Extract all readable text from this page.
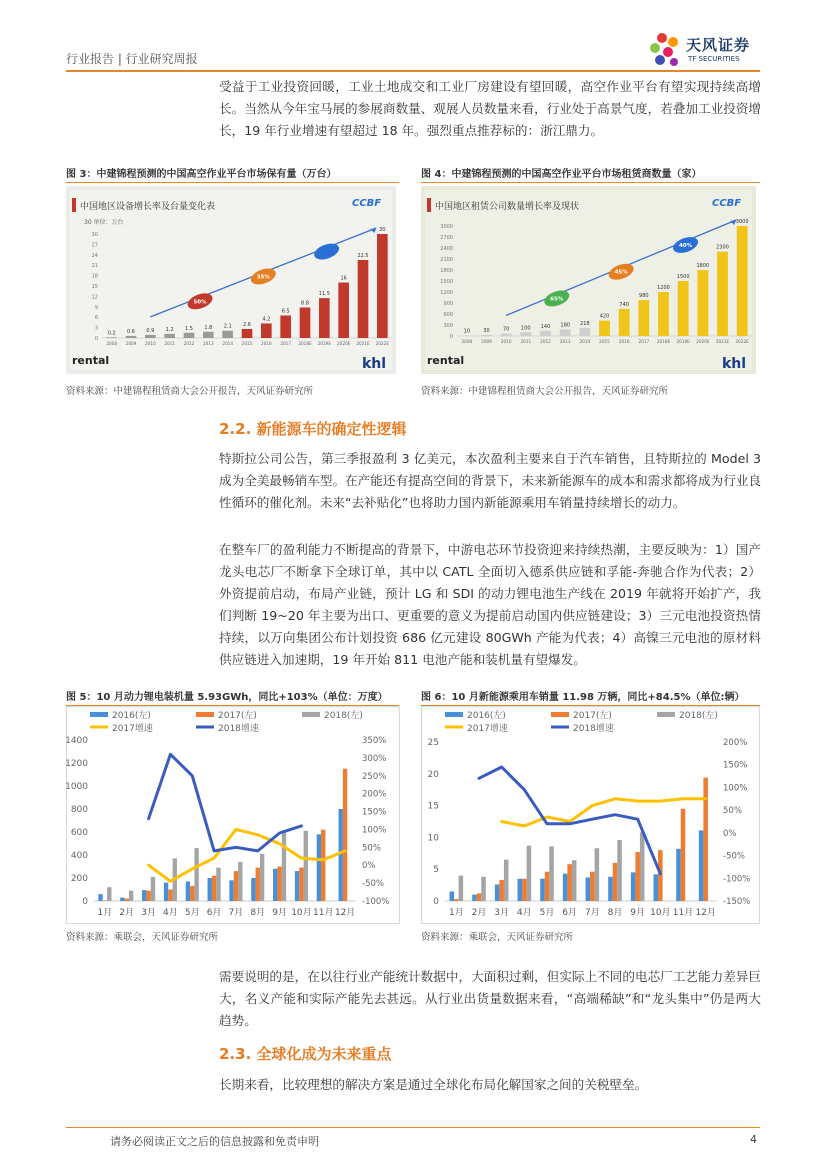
行业报告 | 行业研究周报
天风证券
TF SECURITIES
受益于工业投资回暖，工业土地成交和工业厂房建设有望回暖，高空作业平台有望实现持续高增长。当然从今年宝马展的参展商数量、观展人员数量来看，行业处于高景气度，若叠加工业投资增长，19 年行业增速有望超过 18 年。强烈重点推荐标的：浙江鼎力。
图 3：中建锦程预测的中国高空作业平台市场保有量（万台）	图 4：中建锦程预测的中国高空作业平台市场租赁商数量（家）
中国地区设备增长率及台量变化表	CCBF
30 单位：万台
30
27
24
21
18
15
12
9
6
3
0
0.2
2008
0.6
2009
0.9
2010
1.2
2011
1.5
2012
1.8
2013
2.1
2014
2.6
2015
4.2
2016
6.5
2017
8.8
2018E
11.5
2019E
16
2020E
22.5
2021E
30
2022E
50%
35%
rental	khl
中国地区租赁公司数量增长率及现状	CCBF
3000
2700
2400
2100
1800
1500
1200
900
600
300
0
10
2008
30
2009
70
2010
100
2011
140
2012
180
2013
218
2014
420
2015
740
2016
980
2017
1200
2018E
1500
2019E
1800
2020E
2300
2021E
3000
2022E
65%
45%
40%
rental	khl
资料来源：中建锦程租赁商大会公开报告，天风证券研究所	资料来源：中建锦程租赁商大会公开报告，天风证券研究所
2.2. 新能源车的确定性逻辑
特斯拉公司公告，第三季报盈利 3 亿美元，本次盈利主要来自于汽车销售，且特斯拉的 Model 3 成为全美最畅销车型。在产能还有提高空间的背景下，未来新能源车的成本和需求都将成为行业良性循环的催化剂。未来“去补贴化”也将助力国内新能源乘用车销量持续增长的动力。
在整车厂的盈利能力不断提高的背景下，中游电芯环节投资迎来持续热潮，主要反映为：1）国产龙头电芯厂不断拿下全球订单，其中以 CATL 全面切入德系供应链和孚能-奔驰合作为代表；2）外资提前启动，布局产业链，预计 LG 和 SDI 的动力锂电池生产线在 2019 年就将开始扩产，我们判断 19~20 年主要为出口、更重要的意义为提前启动国内供应链建设；3）三元电池投资热情持续，以万向集团公布计划投资 686 亿元建设 80GWh 产能为代表；4）高镍三元电池的原材料供应链进入加速期，19 年开始 811 电池产能和装机量有望爆发。
图 5：10 月动力锂电装机量 5.93GWh，同比+103%（单位：万度）	图 6：10 月新能源乘用车销量 11.98 万辆，同比+84.5%（单位:辆）
2016(左)	2017(左)	2018(左)
2017增速	2018增速
1400
1200
1000
800
600
400
200
0
350%
300%
250%
200%
150%
100%
50%
0%
-50%
-100%
1月 2月 3月 4月 5月 6月 7月 8月 9月 10月 11月 12月
2016(左)	2017(左)	2018(左)
2017增速	2018增速
25
20
15
10
5
0
200%
150%
100%
50%
0%
-50%
-100%
-150%
1月 2月 3月 4月 5月 6月 7月 8月 9月 10月 11月 12月
资料来源：乘联会，天风证券研究所	资料来源：乘联会，天风证券研究所
需要说明的是，在以往行业产能统计数据中，大面积过剩，但实际上不同的电芯厂工艺能力差异巨大，名义产能和实际产能先去甚远。从行业出货量数据来看，“高端稀缺”和“龙头集中”仍是两大趋势。
2.3. 全球化成为未来重点
长期来看，比较理想的解决方案是通过全球化布局化解国家之间的关税壁垒。
请务必阅读正文之后的信息披露和免责申明	4
